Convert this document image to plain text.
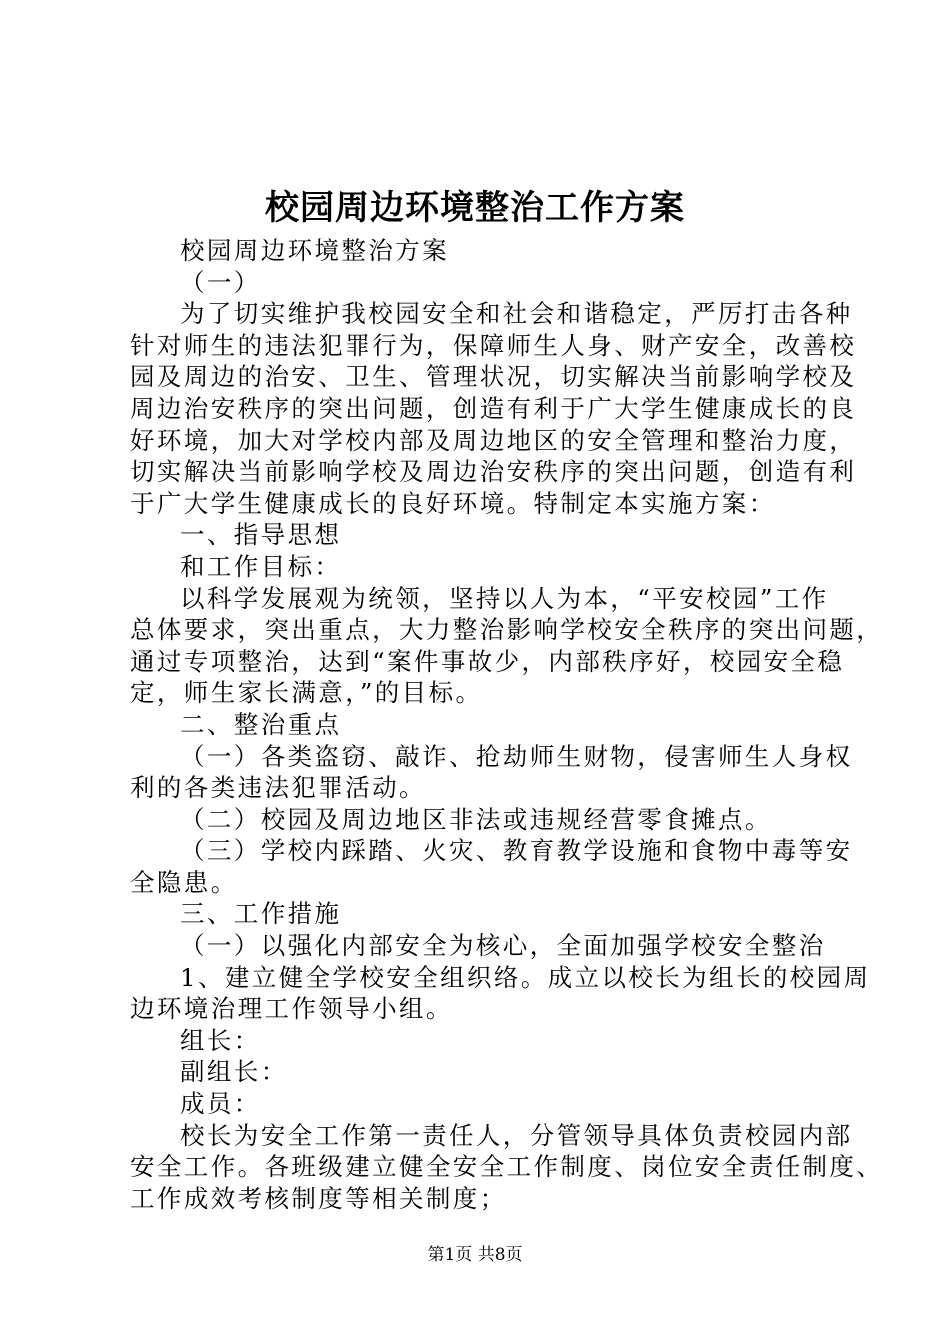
校园周边环境整治工作方案
校园周边环境整治方案
（一）
为了切实维护我校园安全和社会和谐稳定，严厉打击各种
针对师生的违法犯罪行为，保障师生人身、财产安全，改善校
园及周边的治安、卫生、管理状况，切实解决当前影响学校及
周边治安秩序的突出问题，创造有利于广大学生健康成长的良
好环境，加大对学校内部及周边地区的安全管理和整治力度，
切实解决当前影响学校及周边治安秩序的突出问题，创造有利
于广大学生健康成长的良好环境。特制定本实施方案：
一、指导思想
和工作目标：
以科学发展观为统领，坚持以人为本，“平安校园”工作
总体要求，突出重点，大力整治影响学校安全秩序的突出问题，
通过专项整治，达到“案件事故少，内部秩序好，校园安全稳
定，师生家长满意，”的目标。
二、整治重点
（一）各类盗窃、敲诈、抢劫师生财物，侵害师生人身权
利的各类违法犯罪活动。
（二）校园及周边地区非法或违规经营零食摊点。
（三）学校内踩踏、火灾、教育教学设施和食物中毒等安
全隐患。
三、工作措施
（一）以强化内部安全为核心，全面加强学校安全整治
1、建立健全学校安全组织络。成立以校长为组长的校园周
边环境治理工作领导小组。
组长：
副组长：
成员：
校长为安全工作第一责任人，分管领导具体负责校园内部
安全工作。各班级建立健全安全工作制度、岗位安全责任制度、
工作成效考核制度等相关制度；
第1页 共8页
